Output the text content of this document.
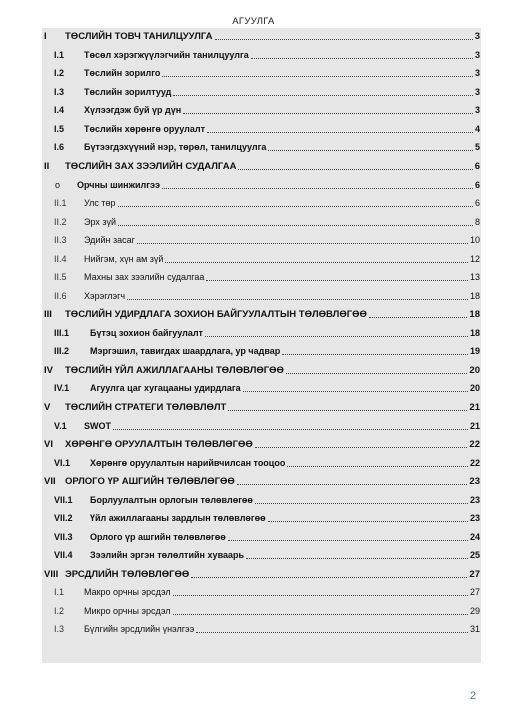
АГУУЛГА
I	ТӨСЛИЙН ТОВЧ ТАНИЛЦУУЛГА	3
I.1	Төсөл хэрэгжүүлэгчийн танилцуулга	3
I.2	Төслийн зорилго	3
I.3	Төслийн зорилтууд	3
I.4	Хүлээгдэж буй үр дүн	3
I.5	Төслийн хөрөнгө оруулалт	4
I.6	Бүтээгдэхүүний нэр, төрөл, танилцуулга	5
II	ТӨСЛИЙН ЗАХ ЗЭЭЛИЙН СУДАЛГАА	6
o	Орчны шинжилгээ	6
II.1	Улс төр	6
II.2	Эрх зүй	8
II.3	Эдийн засаг	10
II.4	Нийгэм, хүн ам зүй	12
II.5	Махны зах зээлийн судалгаа	13
II.6	Хэрэглэгч	18
III	ТӨСЛИЙН УДИРДЛАГА ЗОХИОН БАЙГУУЛАЛТЫН ТӨЛӨВЛӨГӨӨ	18
III.1	Бүтэц зохион байгуулалт	18
III.2	Мэргэшил, тавигдах шаардлага, ур чадвар	19
IV	ТӨСЛИЙН ҮЙЛ АЖИЛЛАГААНЫ ТӨЛӨВЛӨГӨӨ	20
IV.1	Агуулга цаг хугацааны удирдлага	20
V	ТӨСЛИЙН СТРАТЕГИ ТӨЛӨВЛӨЛТ	21
V.1	SWOT	21
VI	ХӨРӨНГӨ ОРУУЛАЛТЫН ТӨЛӨВЛӨГӨӨ	22
VI.1	Хөрөнгө оруулалтын нарийвчилсан тооцоо	22
VII ОРЛОГО ҮР АШГИЙН ТӨЛӨВЛӨГӨӨ	23
VII.1	Борлуулалтын орлогын төлөвлөгөө	23
VII.2	Үйл ажиллагааны зардлын төлөвлөгөө	23
VII.3	Орлого үр ашгийн төлөвлөгөө	24
VII.4	Зээлийн эргэн төлөлтийн хуваарь	25
VIII ЭРСДЛИЙН ТӨЛӨВЛӨГӨӨ	27
I.1	Макро орчны эрсдэл	27
I.2	Микро орчны эрсдэл	29
I.3	Бүлгийн эрсдлийн үнэлгээ	31
2
